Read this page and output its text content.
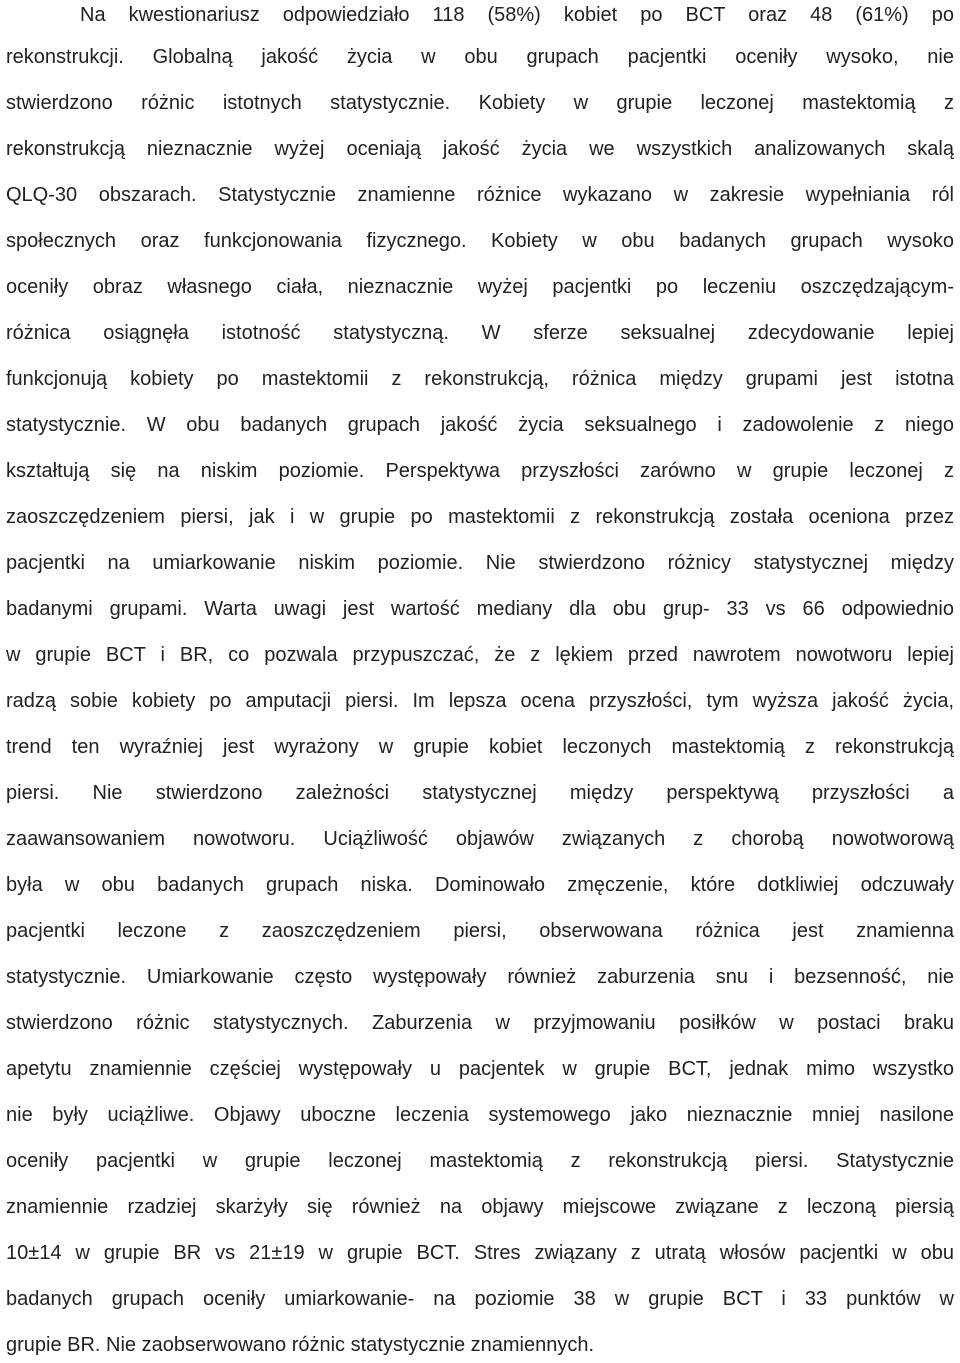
Na kwestionariusz odpowiedziało 118 (58%) kobiet po BCT oraz 48 (61%) po
rekonstrukcji. Globalną jakość życia w obu grupach pacjentki oceniły wysoko, nie
stwierdzono różnic istotnych statystycznie. Kobiety w grupie leczonej mastektomią z
rekonstrukcją nieznacznie wyżej oceniają jakość życia we wszystkich analizowanych skalą
QLQ-30 obszarach. Statystycznie znamienne różnice wykazano w zakresie wypełniania ról
społecznych oraz funkcjonowania fizycznego. Kobiety w obu badanych grupach wysoko
oceniły obraz własnego ciała, nieznacznie wyżej pacjentki po leczeniu oszczędzającym-
różnica osiągnęła istotność statystyczną. W sferze seksualnej zdecydowanie lepiej
funkcjonują kobiety po mastektomii z rekonstrukcją, różnica między grupami jest istotna
statystycznie. W obu badanych grupach jakość życia seksualnego i zadowolenie z niego
kształtują się na niskim poziomie. Perspektywa przyszłości zarówno w grupie leczonej z
zaoszczędzeniem piersi, jak i w grupie po mastektomii z rekonstrukcją została oceniona przez
pacjentki na umiarkowanie niskim poziomie. Nie stwierdzono różnicy statystycznej między
badanymi grupami. Warta uwagi jest wartość mediany dla obu grup- 33 vs 66 odpowiednio
w grupie BCT i BR, co pozwala przypuszczać, że z lękiem przed nawrotem nowotworu lepiej
radzą sobie kobiety po amputacji piersi. Im lepsza ocena przyszłości, tym wyższa jakość życia,
trend ten wyraźniej jest wyrażony w grupie kobiet leczonych mastektomią z rekonstrukcją
piersi. Nie stwierdzono zależności statystycznej między perspektywą przyszłości a
zaawansowaniem nowotworu. Uciążliwość objawów związanych z chorobą nowotworową
była w obu badanych grupach niska. Dominowało zmęczenie, które dotkliwiej odczuwały
pacjentki leczone z zaoszczędzeniem piersi, obserwowana różnica jest znamienna
statystycznie. Umiarkowanie często występowały również zaburzenia snu i bezsenność, nie
stwierdzono różnic statystycznych. Zaburzenia w przyjmowaniu posiłków w postaci braku
apetytu znamiennie częściej występowały u pacjentek w grupie BCT, jednak mimo wszystko
nie były uciążliwe. Objawy uboczne leczenia systemowego jako nieznacznie mniej nasilone
oceniły pacjentki w grupie leczonej mastektomią z rekonstrukcją piersi. Statystycznie
znamiennie rzadziej skarżyły się również na objawy miejscowe związane z leczoną piersią
10±14 w grupie BR vs 21±19 w grupie BCT. Stres związany z utratą włosów pacjentki w obu
badanych grupach oceniły umiarkowanie- na poziomie 38 w grupie BCT i 33 punktów w
grupie BR. Nie zaobserwowano różnic statystycznie znamiennych.
